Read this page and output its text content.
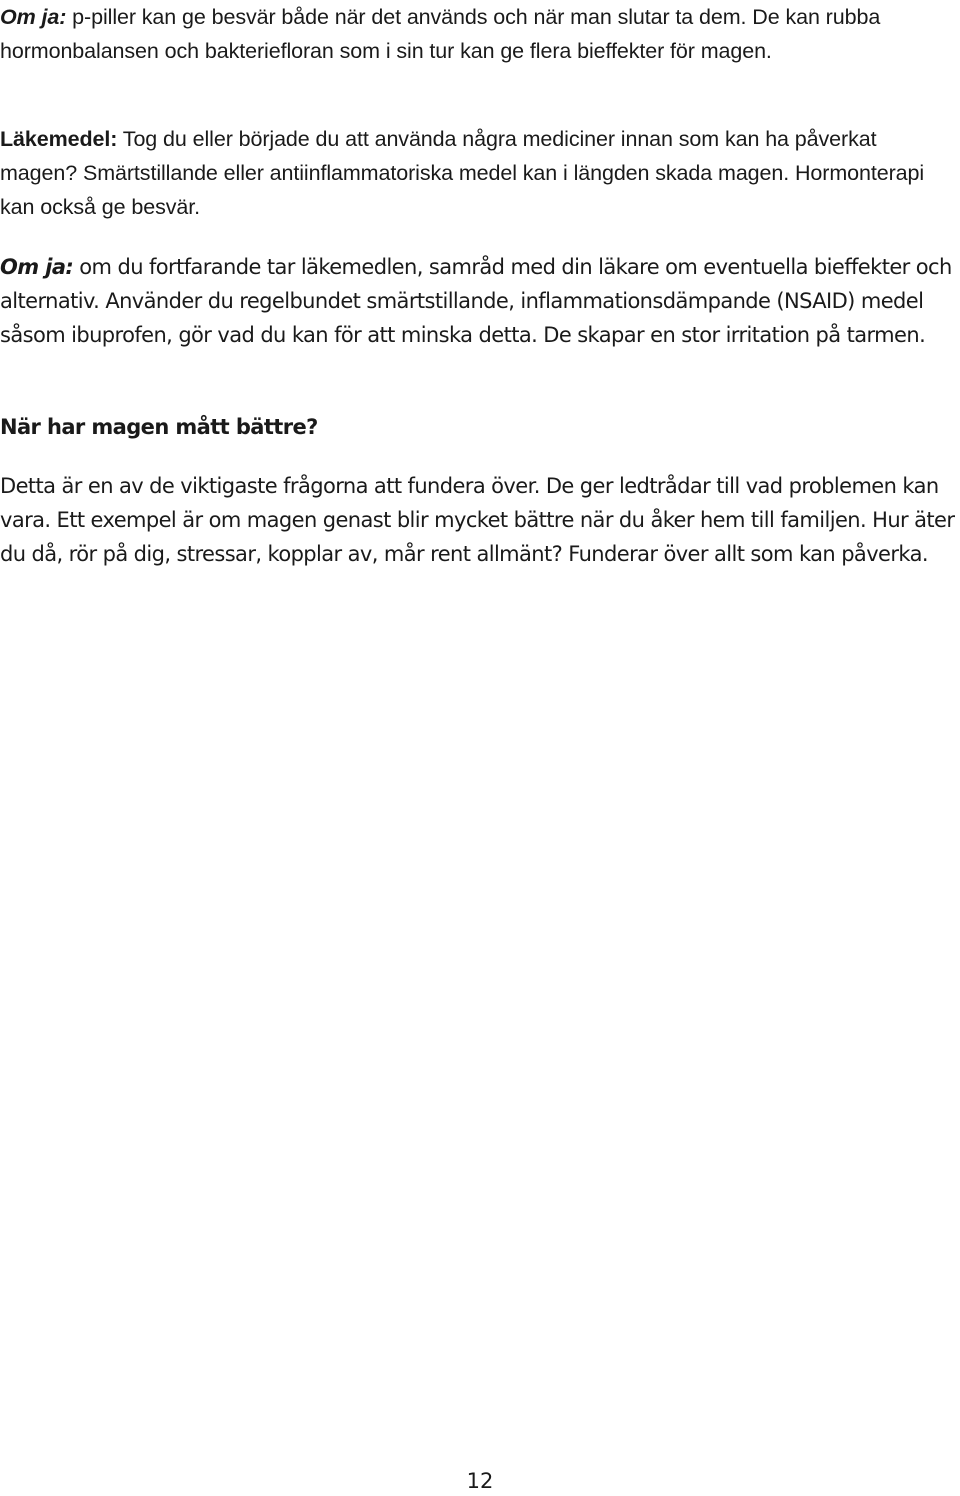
Om ja: p-piller kan ge besvär både när det används och när man slutar ta dem. De kan rubba hormonbalansen och bakteriefloran som i sin tur kan ge flera bieffekter för magen.

Läkemedel: Tog du eller började du att använda några mediciner innan som kan ha påverkat magen? Smärtstillande eller antiinflammatoriska medel kan i längden skada magen. Hormonterapi kan också ge besvär.

Om ja: om du fortfarande tar läkemedlen, samråd med din läkare om eventuella bieffekter och alternativ. Använder du regelbundet smärtstillande, inflammationsdämpande (NSAID) medel såsom ibuprofen, gör vad du kan för att minska detta. De skapar en stor irritation på tarmen.

När har magen mått bättre?

Detta är en av de viktigaste frågorna att fundera över. De ger ledtrådar till vad problemen kan vara. Ett exempel är om magen genast blir mycket bättre när du åker hem till familjen. Hur äter du då, rör på dig, stressar, kopplar av, mår rent allmänt? Funderar över allt som kan påverka.

12
